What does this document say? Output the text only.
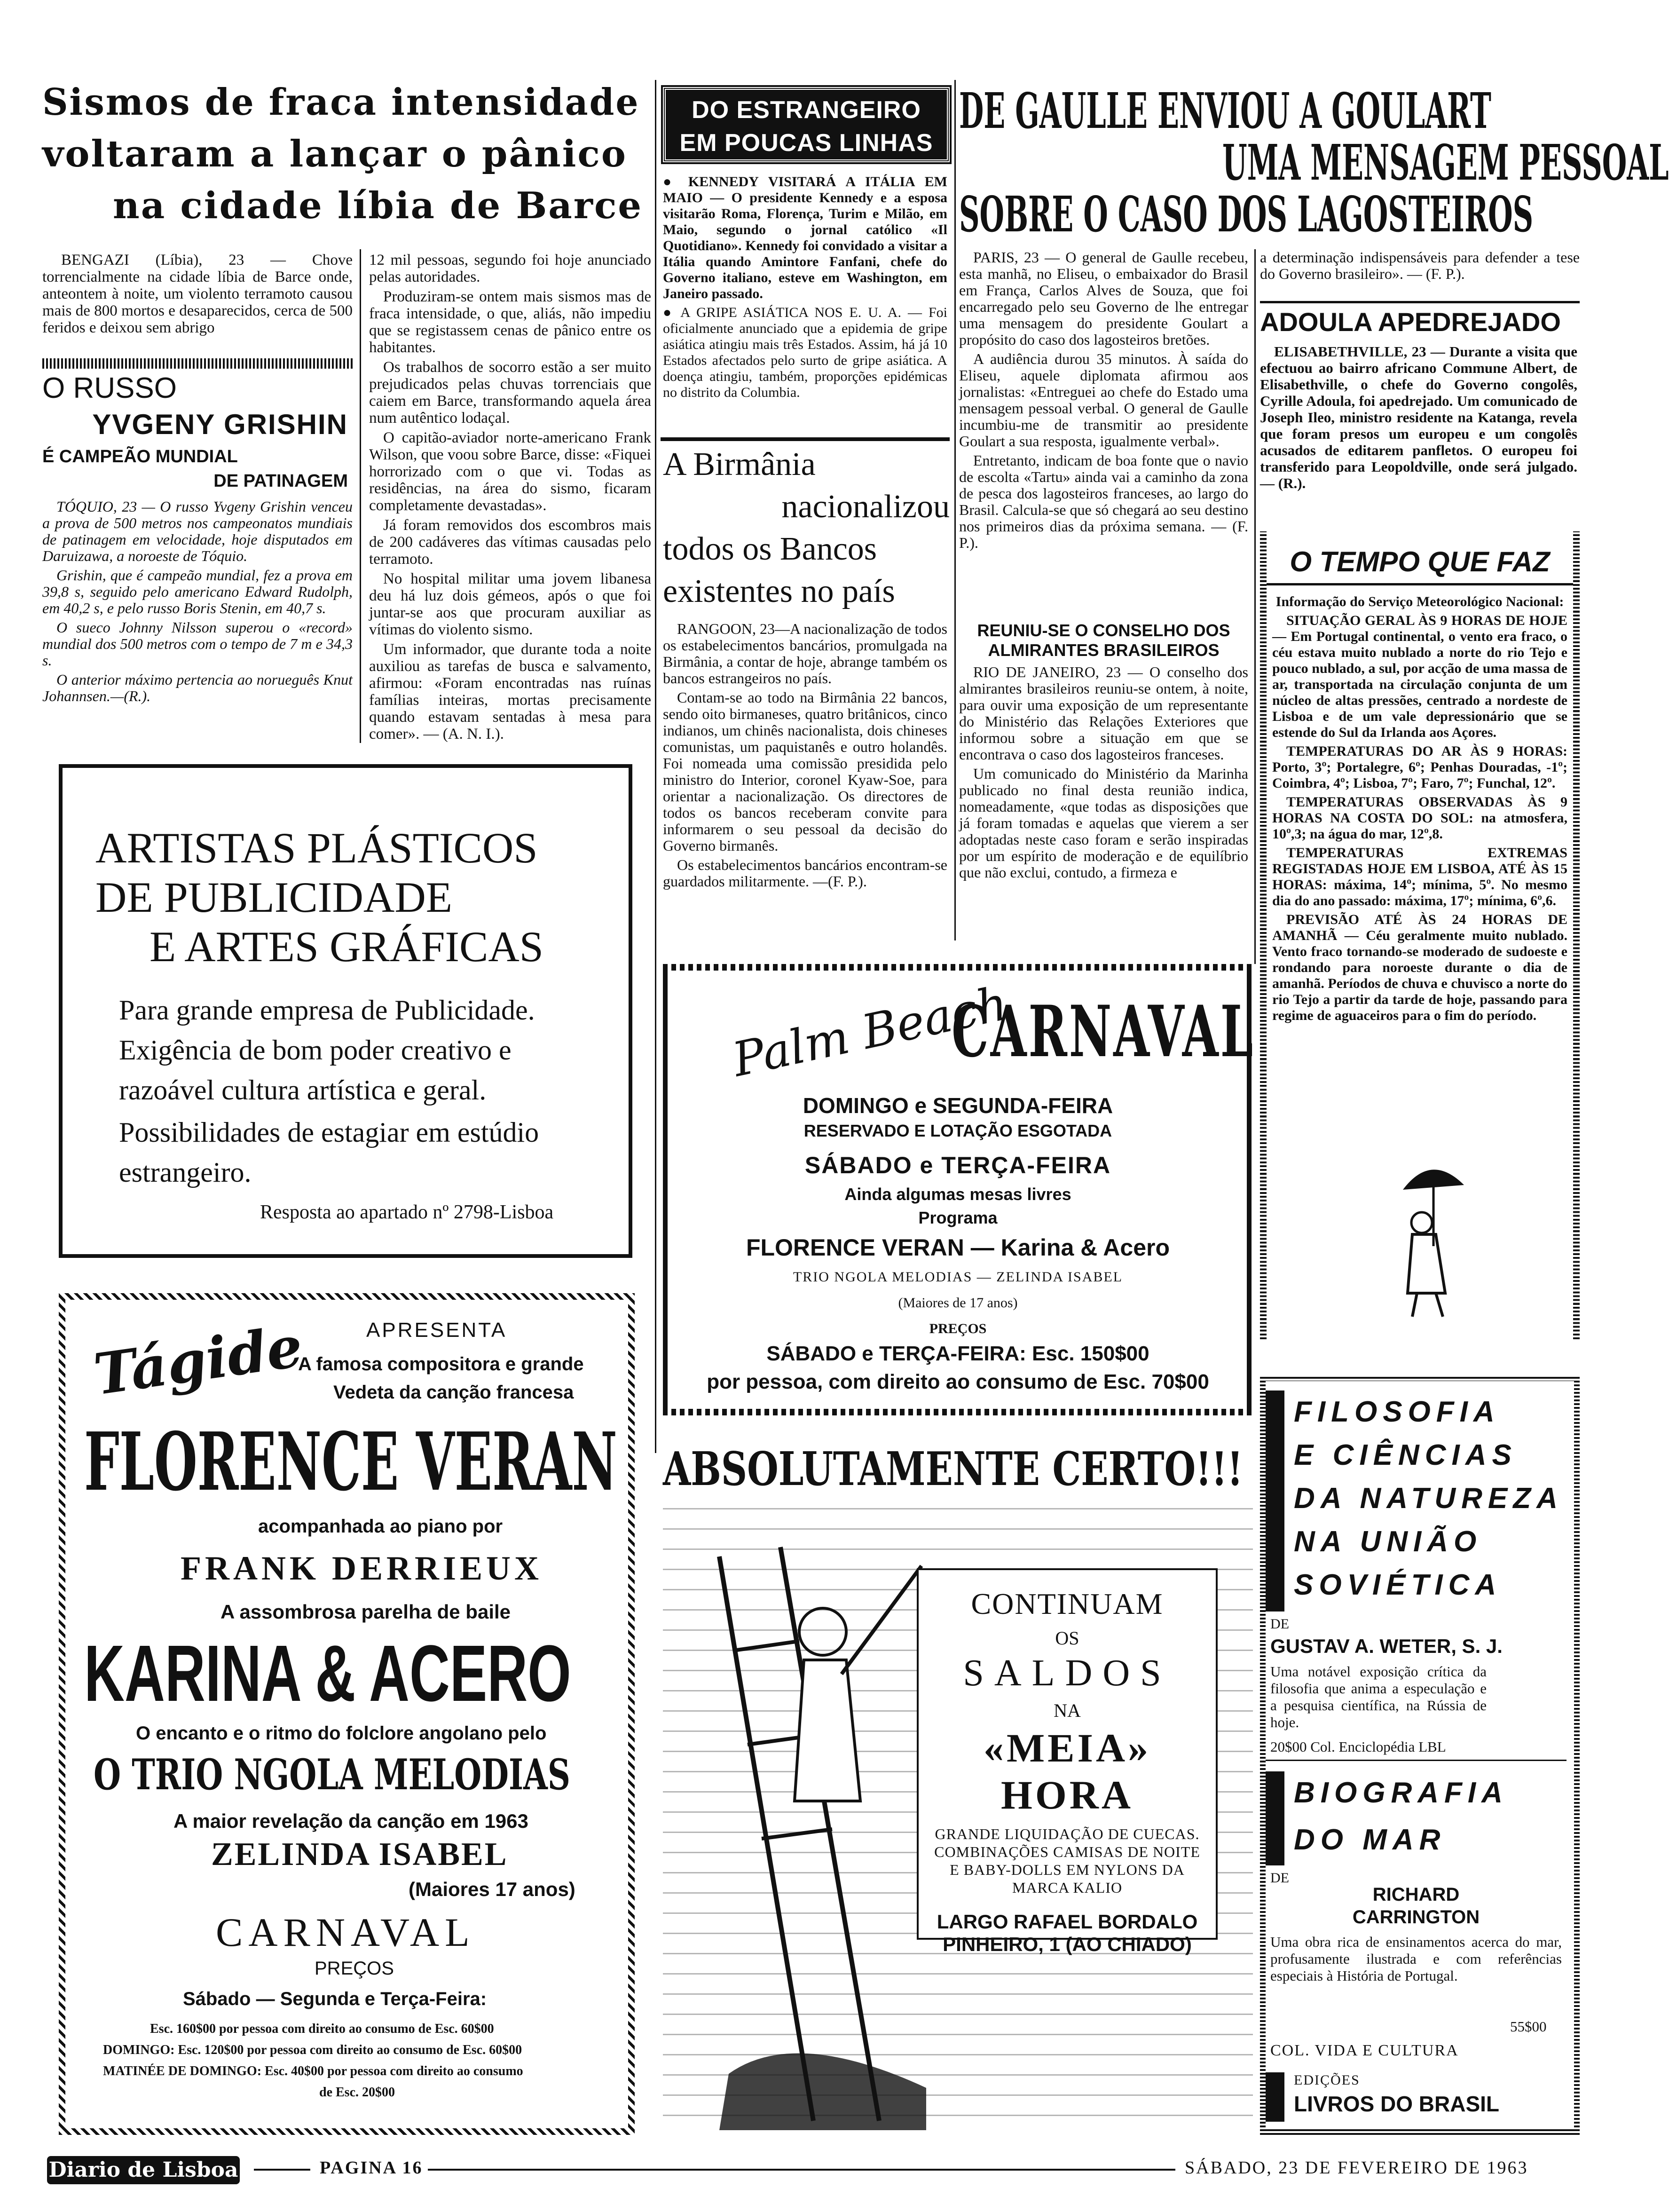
Sismos de fraca intensidade
voltaram a lançar o pânico
na cidade líbia de Barce

BENGAZI (Líbia), 23 — Chove torrencialmente na cidade líbia de Barce onde, anteontem à noite, um violento terramoto causou mais de 800 mortos e desaparecidos, cerca de 500 feridos e deixou sem abrigo

12 mil pessoas, segundo foi hoje anunciado pelas autoridades.

Produziram-se ontem mais sismos mas de fraca intensidade, o que, aliás, não impediu que se registassem cenas de pânico entre os habitantes.

Os trabalhos de socorro estão a ser muito prejudicados pelas chuvas torrenciais que caiem em Barce, transformando aquela área num autêntico lodaçal.

O capitão-aviador norte-americano Frank Wilson, que voou sobre Barce, disse: «Fiquei horrorizado com o que vi. Todas as residências, na área do sismo, ficaram completamente devastadas».

Já foram removidos dos escombros mais de 200 cadáveres das vítimas causadas pelo terramoto.

No hospital militar uma jovem libanesa deu há luz dois gémeos, após o que foi juntar-se aos que procuram auxiliar as vítimas do violento sismo.

Um informador, que durante toda a noite auxiliou as tarefas de busca e salvamento, afirmou: «Foram encontradas nas ruínas famílias inteiras, mortas precisamente quando estavam sentadas à mesa para comer». — (A. N. I.).

O RUSSO
YVGENY GRISHIN
É CAMPEÃO MUNDIAL
DE PATINAGEM

TÓQUIO, 23 — O russo Yvgeny Grishin venceu a prova de 500 metros nos campeonatos mundiais de patinagem em velocidade, hoje disputados em Daruizawa, a noroeste de Tóquio.

Grishin, que é campeão mundial, fez a prova em 39,8 s, seguido pelo americano Edward Rudolph, em 40,2 s, e pelo russo Boris Stenin, em 40,7 s.

O sueco Johnny Nilsson superou o «record» mundial dos 500 metros com o tempo de 7 m e 34,3 s.

O anterior máximo pertencia ao norueguês Knut Johannsen.—(R.).

ARTISTAS PLÁSTICOS
DE PUBLICIDADE
E ARTES GRÁFICAS
Para grande empresa de Publicidade.
Exigência de bom poder creativo e
razoável cultura artística e geral.
Possibilidades de estagiar em estúdio
estrangeiro.
Resposta ao apartado nº 2798-Lisboa
Tágide	APRESENTA
A famosa compositora e grande
Vedeta da canção francesa
FLORENCE VERAN
acompanhada ao piano por
FRANK DERRIEUX
A assombrosa parelha de baile
KARINA & ACERO
O encanto e o ritmo do folclore angolano pelo
O TRIO NGOLA MELODIAS
A maior revelação da canção em 1963
ZELINDA ISABEL
(Maiores 17 anos)
CARNAVAL
PREÇOS
Sábado — Segunda e Terça-Feira:
Esc. 160$00 por pessoa com direito ao consumo de Esc. 60$00
DOMINGO: Esc. 120$00 por pessoa com direito ao consumo de Esc. 60$00
MATINÉE DE DOMINGO: Esc. 40$00 por pessoa com direito ao consumo
de Esc. 20$00
DO ESTRANGEIRO
EM POUCAS LINHAS

● KENNEDY VISITARÁ A ITÁLIA EM MAIO — O presidente Kennedy e a esposa visitarão Roma, Florença, Turim e Milão, em Maio, segundo o jornal católico «Il Quotidiano». Kennedy foi convidado a visitar a Itália quando Amintore Fanfani, chefe do Governo italiano, esteve em Washington, em Janeiro passado.

● A GRIPE ASIÁTICA NOS E. U. A. — Foi oficialmente anunciado que a epidemia de gripe asiática atingiu mais três Estados. Assim, há já 10 Estados afectados pelo surto de gripe asiática. A doença atingiu, também, proporções epidémicas no distrito da Columbia.

A Birmânia
nacionalizou
todos os Bancos
existentes no país

RANGOON, 23—A nacionalização de todos os estabelecimentos bancários, promulgada na Birmânia, a contar de hoje, abrange também os bancos estrangeiros no país.

Contam-se ao todo na Birmânia 22 bancos, sendo oito birmaneses, quatro britânicos, cinco indianos, um chinês nacionalista, dois chineses comunistas, um paquistanês e outro holandês. Foi nomeada uma comissão presidida pelo ministro do Interior, coronel Kyaw-Soe, para orientar a nacionalização. Os directores de todos os bancos receberam convite para informarem o seu pessoal da decisão do Governo birmanês.

Os estabelecimentos bancários encontram-se guardados militarmente. —(F. P.).

DE GAULLE ENVIOU A GOULART
UMA MENSAGEM PESSOAL
SOBRE O CASO DOS LAGOSTEIROS

PARIS, 23 — O general de Gaulle recebeu, esta manhã, no Eliseu, o embaixador do Brasil em França, Carlos Alves de Souza, que foi encarregado pelo seu Governo de lhe entregar uma mensagem do presidente Goulart a propósito do caso dos lagosteiros bretões.

A audiência durou 35 minutos. À saída do Eliseu, aquele diplomata afirmou aos jornalistas: «Entreguei ao chefe do Estado uma mensagem pessoal verbal. O general de Gaulle incumbiu-me de transmitir ao presidente Goulart a sua resposta, igualmente verbal».

Entretanto, indicam de boa fonte que o navio de escolta «Tartu» ainda vai a caminho da zona de pesca dos lagosteiros franceses, ao largo do Brasil. Calcula-se que só chegará ao seu destino nos primeiros dias da próxima semana. — (F. P.).

REUNIU-SE O CONSELHO DOS
ALMIRANTES BRASILEIROS

RIO DE JANEIRO, 23 — O conselho dos almirantes brasileiros reuniu-se ontem, à noite, para ouvir uma exposição de um representante do Ministério das Relações Exteriores que informou sobre a situação em que se encontrava o caso dos lagosteiros franceses.

Um comunicado do Ministério da Marinha publicado no final desta reunião indica, nomeadamente, «que todas as disposições que já foram tomadas e aquelas que vierem a ser adoptadas neste caso foram e serão inspiradas por um espírito de moderação e de equilíbrio que não exclui, contudo, a firmeza e

a determinação indispensáveis para defender a tese do Governo brasileiro». — (F. P.).

ADOULA APEDREJADO

ELISABETHVILLE, 23 — Durante a visita que efectuou ao bairro africano Commune Albert, de Elisabethville, o chefe do Governo congolês, Cyrille Adoula, foi apedrejado. Um comunicado de Joseph Ileo, ministro residente na Katanga, revela que foram presos um europeu e um congolês acusados de editarem panfletos. O europeu foi transferido para Leopoldville, onde será julgado. — (R.).

O TEMPO QUE FAZ

Informação do Serviço Meteorológico Nacional:

SITUAÇÃO GERAL ÀS 9 HORAS DE HOJE — Em Portugal continental, o vento era fraco, o céu estava muito nublado a norte do rio Tejo e pouco nublado, a sul, por acção de uma massa de ar, transportada na circulação conjunta de um núcleo de altas pressões, centrado a nordeste de Lisboa e de um vale depressionário que se estende do Sul da Irlanda aos Açores.

TEMPERATURAS DO AR ÀS 9 HORAS: Porto, 3º; Portalegre, 6º; Penhas Douradas, -1º; Coimbra, 4º; Lisboa, 7º; Faro, 7º; Funchal, 12º.

TEMPERATURAS OBSERVADAS ÀS 9 HORAS NA COSTA DO SOL: na atmosfera, 10º,3; na água do mar, 12º,8.

TEMPERATURAS EXTREMAS REGISTADAS HOJE EM LISBOA, ATÉ ÀS 15 HORAS: máxima, 14º; mínima, 5º. No mesmo dia do ano passado: máxima, 17º; mínima, 6º,6.

PREVISÃO ATÉ ÀS 24 HORAS DE AMANHÃ — Céu geralmente muito nublado. Vento fraco tornando-se moderado de sudoeste e rondando para noroeste durante o dia de amanhã. Períodos de chuva e chuvisco a norte do rio Tejo a partir da tarde de hoje, passando para regime de aguaceiros para o fim do período.

Palm Beach
CARNAVAL
DOMINGO e SEGUNDA-FEIRA
RESERVADO E LOTAÇÃO ESGOTADA
SÁBADO e TERÇA-FEIRA
Ainda algumas mesas livres
Programa
FLORENCE VERAN — Karina & Acero
TRIO NGOLA MELODIAS — ZELINDA ISABEL
(Maiores de 17 anos)
PREÇOS
SÁBADO e TERÇA-FEIRA: Esc. 150$00
por pessoa, com direito ao consumo de Esc. 70$00
ABSOLUTAMENTE CERTO!!!
CONTINUAM
OS
SALDOS
NA
«MEIA» HORA
GRANDE LIQUIDAÇÃO DE CUECAS. COMBINAÇÕES CAMISAS DE NOITE E BABY-DOLLS EM NYLONS DA MARCA KALIO
LARGO RAFAEL BORDALO
PINHEIRO, 1 (AO CHIADO)
FILOSOFIA
E CIÊNCIAS
DA NATUREZA
NA UNIÃO
SOVIÉTICA
DE
GUSTAV A. WETER, S. J.
Uma notável exposição crítica da filosofia que anima a especulação e a pesquisa científica, na Rússia de hoje.
20$00 Col. Enciclopédia LBL
BIOGRAFIA
DO MAR
DE
RICHARD
CARRINGTON
Uma obra rica de ensinamentos acerca do mar, profusamente ilustrada e com referências especiais à História de Portugal.
55$00
COL. VIDA E CULTURA
EDIÇÕES
LIVROS DO BRASIL
Diario de Lisboa	PAGINA 16	SÁBADO, 23 DE FEVEREIRO DE 1963
